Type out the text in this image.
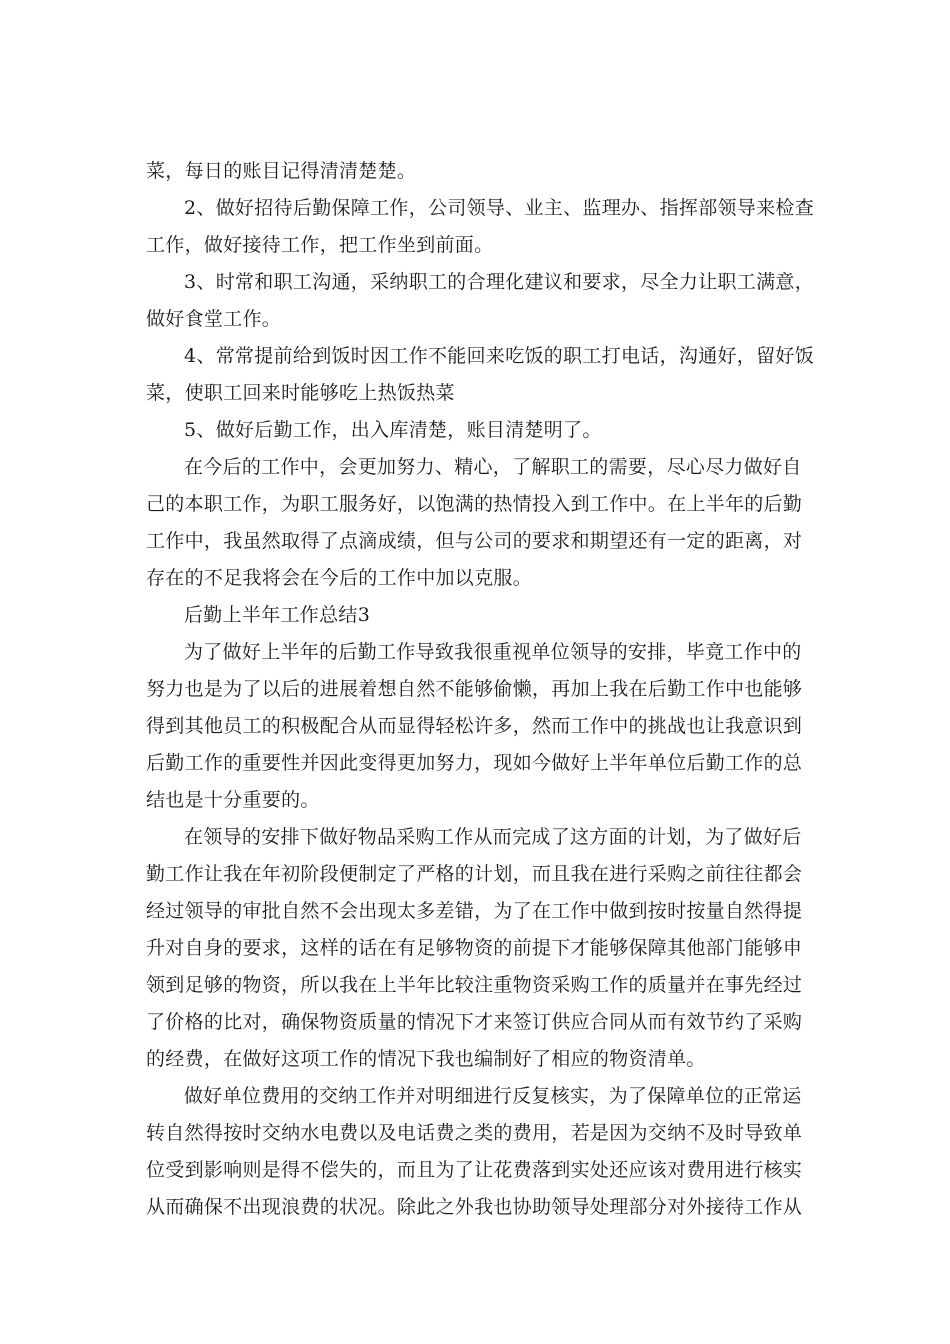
菜，每日的账目记得清清楚楚。
2、做好招待后勤保障工作，公司领导、业主、监理办、指挥部领导来检查
工作，做好接待工作，把工作坐到前面。
3、时常和职工沟通，采纳职工的合理化建议和要求，尽全力让职工满意，
做好食堂工作。
4、常常提前给到饭时因工作不能回来吃饭的职工打电话，沟通好，留好饭
菜，使职工回来时能够吃上热饭热菜
5、做好后勤工作，出入库清楚，账目清楚明了。
在今后的工作中，会更加努力、精心，了解职工的需要，尽心尽力做好自
己的本职工作，为职工服务好，以饱满的热情投入到工作中。在上半年的后勤
工作中，我虽然取得了点滴成绩，但与公司的要求和期望还有一定的距离，对
存在的不足我将会在今后的工作中加以克服。
后勤上半年工作总结3
为了做好上半年的后勤工作导致我很重视单位领导的安排，毕竟工作中的
努力也是为了以后的进展着想自然不能够偷懒，再加上我在后勤工作中也能够
得到其他员工的积极配合从而显得轻松许多，然而工作中的挑战也让我意识到
后勤工作的重要性并因此变得更加努力，现如今做好上半年单位后勤工作的总
结也是十分重要的。
在领导的安排下做好物品采购工作从而完成了这方面的计划，为了做好后
勤工作让我在年初阶段便制定了严格的计划，而且我在进行采购之前往往都会
经过领导的审批自然不会出现太多差错，为了在工作中做到按时按量自然得提
升对自身的要求，这样的话在有足够物资的前提下才能够保障其他部门能够申
领到足够的物资，所以我在上半年比较注重物资采购工作的质量并在事先经过
了价格的比对，确保物资质量的情况下才来签订供应合同从而有效节约了采购
的经费，在做好这项工作的情况下我也编制好了相应的物资清单。
做好单位费用的交纳工作并对明细进行反复核实，为了保障单位的正常运
转自然得按时交纳水电费以及电话费之类的费用，若是因为交纳不及时导致单
位受到影响则是得不偿失的，而且为了让花费落到实处还应该对费用进行核实
从而确保不出现浪费的状况。除此之外我也协助领导处理部分对外接待工作从
